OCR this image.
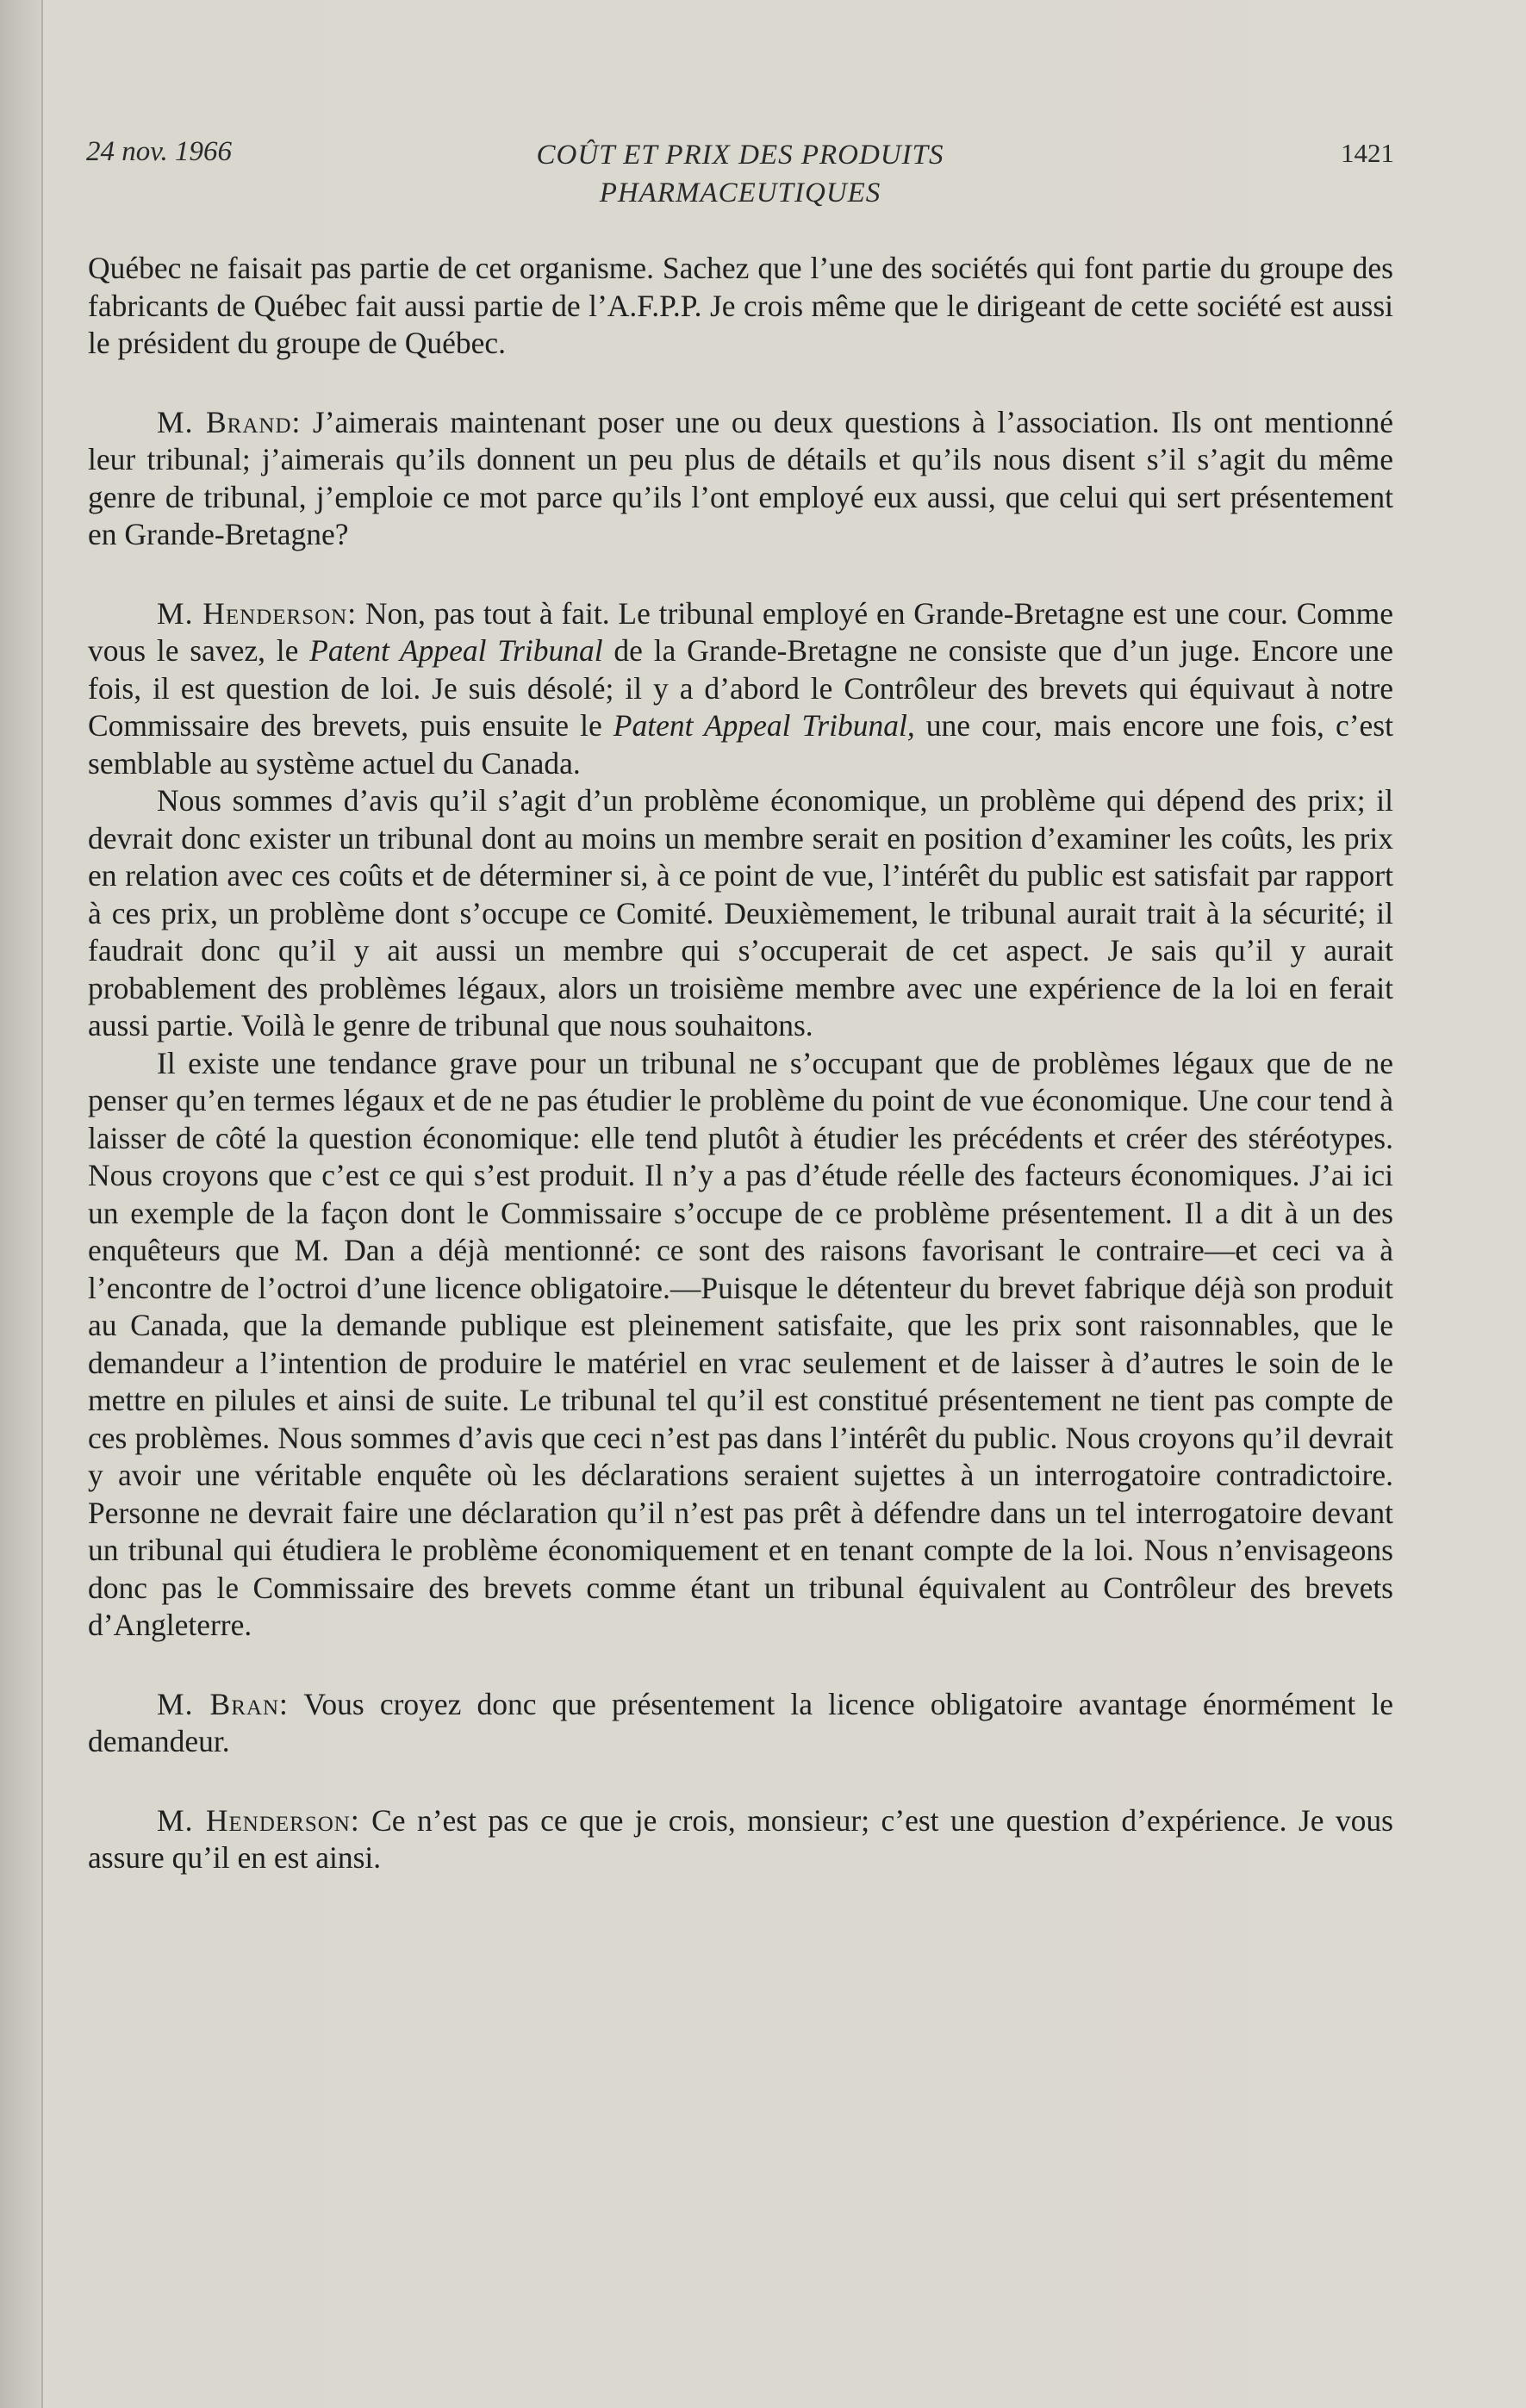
24 nov. 1966	COÛT ET PRIX DES PRODUITS
PHARMACEUTIQUES
1421

Québec ne faisait pas partie de cet organisme. Sachez que l’une des sociétés qui font partie du groupe des fabricants de Québec fait aussi partie de l’A.F.P.P. Je crois même que le dirigeant de cette société est aussi le président du groupe de Québec.

M. Brand: J’aimerais maintenant poser une ou deux questions à l’association. Ils ont mentionné leur tribunal; j’aimerais qu’ils donnent un peu plus de détails et qu’ils nous disent s’il s’agit du même genre de tribunal, j’emploie ce mot parce qu’ils l’ont employé eux aussi, que celui qui sert présentement en Grande-Bretagne?

M. Henderson: Non, pas tout à fait. Le tribunal employé en Grande-Bretagne est une cour. Comme vous le savez, le Patent Appeal Tribunal de la Grande-Bretagne ne consiste que d’un juge. Encore une fois, il est question de loi. Je suis désolé; il y a d’abord le Contrôleur des brevets qui équivaut à notre Commissaire des brevets, puis ensuite le Patent Appeal Tribunal, une cour, mais encore une fois, c’est semblable au système actuel du Canada.

Nous sommes d’avis qu’il s’agit d’un problème économique, un problème qui dépend des prix; il devrait donc exister un tribunal dont au moins un membre serait en position d’examiner les coûts, les prix en relation avec ces coûts et de déterminer si, à ce point de vue, l’intérêt du public est satisfait par rapport à ces prix, un problème dont s’occupe ce Comité. Deuxièmement, le tribunal aurait trait à la sécurité; il faudrait donc qu’il y ait aussi un membre qui s’occuperait de cet aspect. Je sais qu’il y aurait probablement des problèmes légaux, alors un troisième membre avec une expérience de la loi en ferait aussi partie. Voilà le genre de tribunal que nous souhaitons.

Il existe une tendance grave pour un tribunal ne s’occupant que de problèmes légaux que de ne penser qu’en termes légaux et de ne pas étudier le problème du point de vue économique. Une cour tend à laisser de côté la question économique: elle tend plutôt à étudier les précédents et créer des stéréotypes. Nous croyons que c’est ce qui s’est produit. Il n’y a pas d’étude réelle des facteurs économiques. J’ai ici un exemple de la façon dont le Commissaire s’occupe de ce problème présentement. Il a dit à un des enquêteurs que M. Dan a déjà mentionné: ce sont des raisons favorisant le contraire—et ceci va à l’encontre de l’octroi d’une licence obligatoire.—Puisque le détenteur du brevet fabrique déjà son produit au Canada, que la demande publique est pleinement satisfaite, que les prix sont raisonnables, que le demandeur a l’intention de produire le matériel en vrac seulement et de laisser à d’autres le soin de le mettre en pilules et ainsi de suite. Le tribunal tel qu’il est constitué présentement ne tient pas compte de ces problèmes. Nous sommes d’avis que ceci n’est pas dans l’intérêt du public. Nous croyons qu’il devrait y avoir une véritable enquête où les déclarations seraient sujettes à un interrogatoire contradictoire. Personne ne devrait faire une déclaration qu’il n’est pas prêt à défendre dans un tel interrogatoire devant un tribunal qui étudiera le problème économiquement et en tenant compte de la loi. Nous n’envisageons donc pas le Commissaire des brevets comme étant un tribunal équivalent au Contrôleur des brevets d’Angleterre.

M. Bran: Vous croyez donc que présentement la licence obligatoire avantage énormément le demandeur.

M. Henderson: Ce n’est pas ce que je crois, monsieur; c’est une question d’expérience. Je vous assure qu’il en est ainsi.
